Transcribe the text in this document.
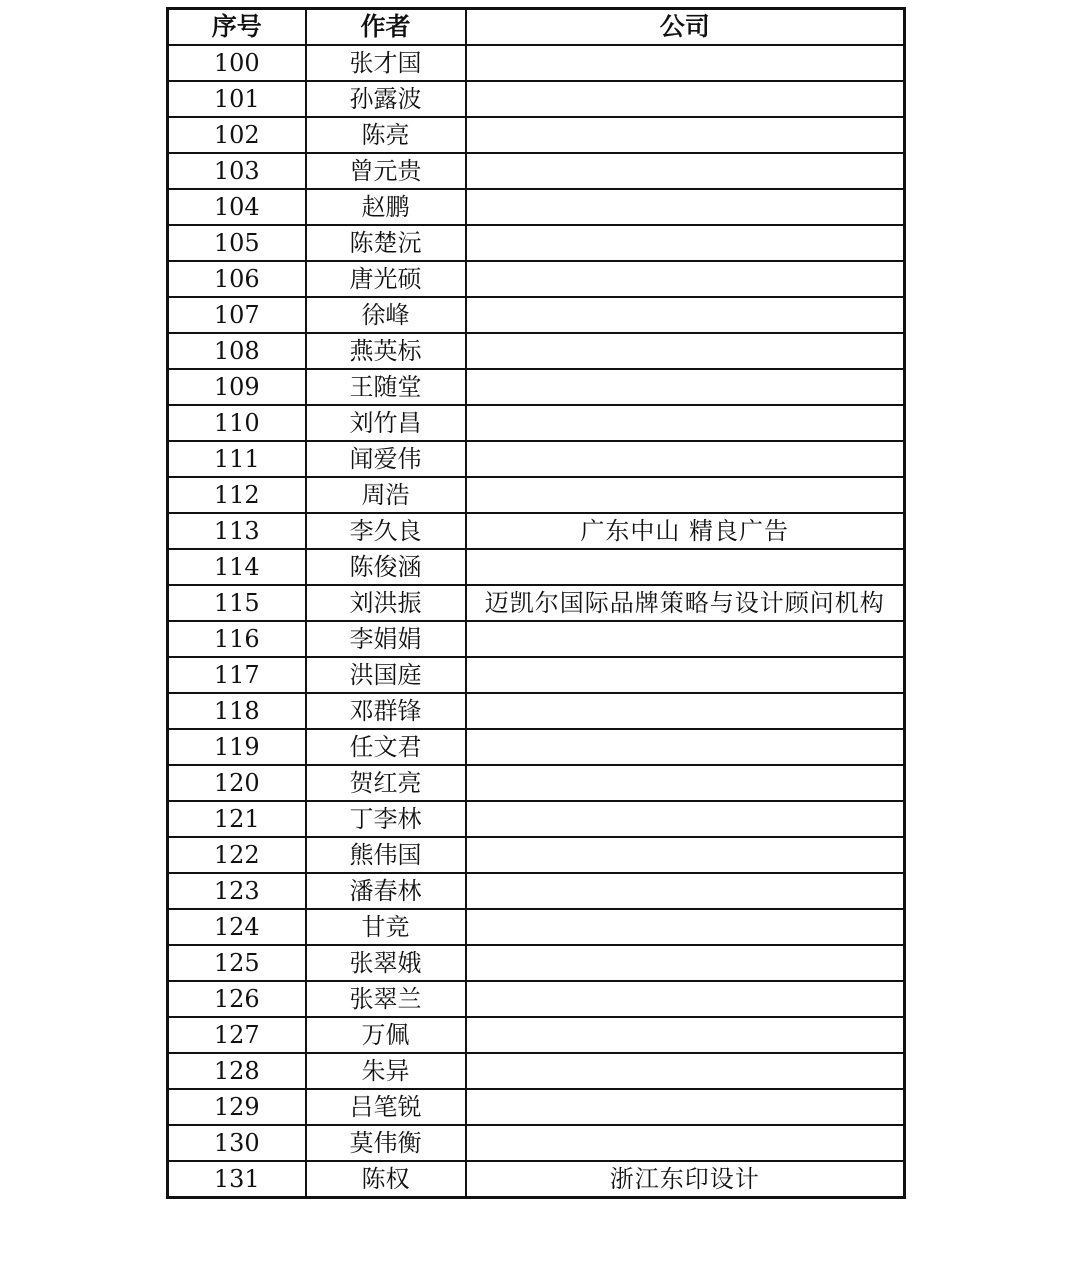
序号	作者	公司
100	张才国	
101	孙露波	
102	陈亮	
103	曾元贵	
104	赵鹏	
105	陈楚沅	
106	唐光硕	
107	徐峰	
108	燕英标	
109	王随堂	
110	刘竹昌	
111	闻爱伟	
112	周浩	
113	李久良	广东中山 精良广告
114	陈俊涵	
115	刘洪振	迈凯尔国际品牌策略与设计顾问机构
116	李娟娟	
117	洪国庭	
118	邓群锋	
119	任文君	
120	贺红亮	
121	丁李林	
122	熊伟国	
123	潘春林	
124	甘竞	
125	张翠娥	
126	张翠兰	
127	万佩	
128	朱异	
129	吕笔锐	
130	莫伟衡	
131	陈权	浙江东印设计
